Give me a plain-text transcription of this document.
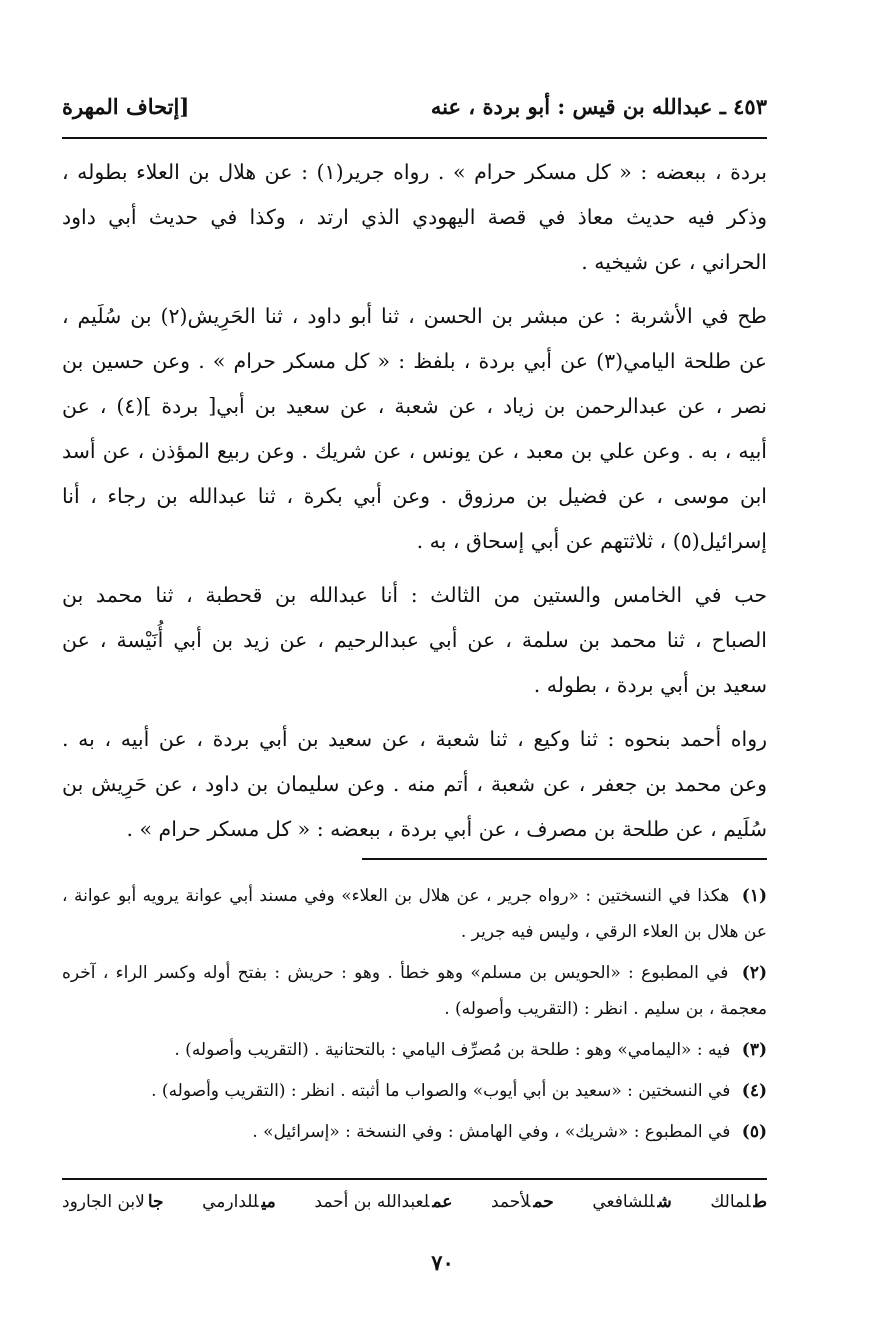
٤٥٣ ـ عبدالله بن قيس : أبو بردة ، عنه
[إتحاف المهرة

بردة ، ببعضه : « كل مسكر حرام » . رواه جرير(١) : عن هلال بن العلاء بطوله ،
وذكر فيه حديث معاذ في قصة اليهودي الذي ارتد ، وكذا في حديث أبي داود
الحراني ، عن شيخيه .

طح في الأشربة : عن مبشر بن الحسن ، ثنا أبو داود ، ثنا الحَرِيش(٢) بن سُلَيم ،
عن طلحة اليامي(٣) عن أبي بردة ، بلفظ : « كل مسكر حرام » . وعن حسين بن
نصر ، عن عبدالرحمن بن زياد ، عن شعبة ، عن سعيد بن أبي[ بردة ](٤) ، عن
أبيه ، به . وعن علي بن معبد ، عن يونس ، عن شريك . وعن ربيع المؤذن ، عن أسد
ابن موسى ، عن فضيل بن مرزوق . وعن أبي بكرة ، ثنا عبدالله بن رجاء ، أنا
إسرائيل(٥) ، ثلاثتهم عن أبي إسحاق ، به .

حب في الخامس والستين من الثالث : أنا عبدالله بن قحطبة ، ثنا محمد بن
الصباح ، ثنا محمد بن سلمة ، عن أبي عبدالرحيم ، عن زيد بن أبي أُنَيْسة ، عن
سعيد بن أبي بردة ، بطوله .

رواه أحمد بنحوه : ثنا وكيع ، ثنا شعبة ، عن سعيد بن أبي بردة ، عن أبيه ، به .
وعن محمد بن جعفر ، عن شعبة ، أتم منه . وعن سليمان بن داود ، عن حَرِيش بن
سُلَيم ، عن طلحة بن مصرف ، عن أبي بردة ، ببعضه : « كل مسكر حرام » .

(١) هكذا في النسختين : «رواه جرير ، عن هلال بن العلاء» وفي مسند أبي عوانة يرويه أبو عوانة ، عن هلال بن العلاء الرقي ، وليس فيه جرير .

(٢) في المطبوع : «الحويس بن مسلم» وهو خطأ . وهو : حريش : بفتح أوله وكسر الراء ، آخره معجمة ، بن سليم . انظر : (التقريب وأصوله) .

(٣) فيه : «اليمامي» وهو : طلحة بن مُصرِّف اليامي : بالتحتانية . (التقريب وأصوله) .

(٤) في النسختين : «سعيد بن أبي أيوب» والصواب ما أثبته . انظر : (التقريب وأصوله) .

(٥) في المطبوع : «شريك» ، وفي الهامش : وفي النسخة : «إسرائيل» .

طلمالك
شللشافعي
حملأحمد
عملعبدالله بن أحمد
ميللدارمي
جالابن الجارود
٧٠
